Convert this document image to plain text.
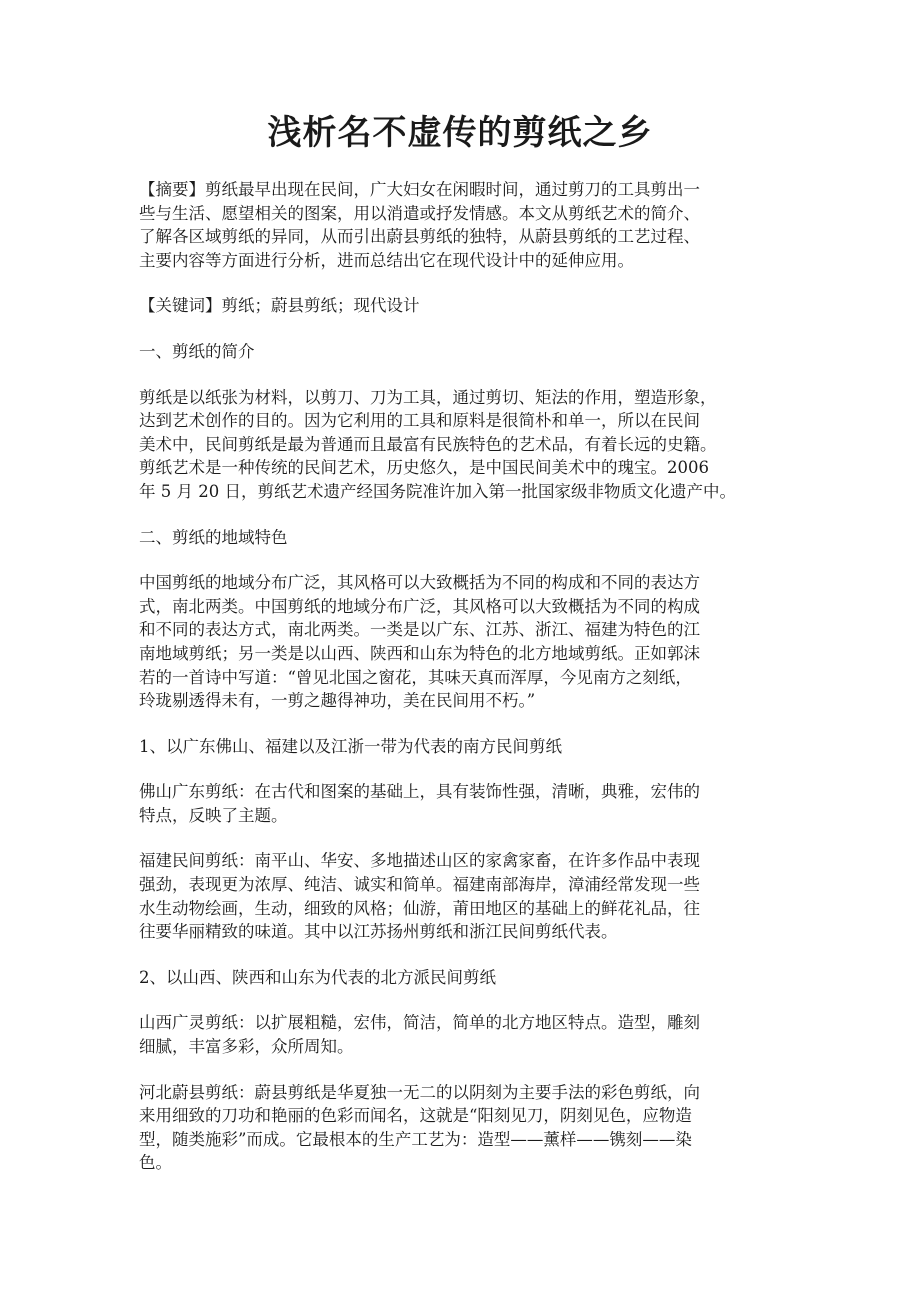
浅析名不虚传的剪纸之乡

【摘要】剪纸最早出现在民间，广大妇女在闲暇时间，通过剪刀的工具剪出一
些与生活、愿望相关的图案，用以消遣或抒发情感。本文从剪纸艺术的简介、
了解各区域剪纸的异同，从而引出蔚县剪纸的独特，从蔚县剪纸的工艺过程、
主要内容等方面进行分析，进而总结出它在现代设计中的延伸应用。

【关键词】剪纸；蔚县剪纸；现代设计

一、剪纸的简介

剪纸是以纸张为材料，以剪刀、刀为工具，通过剪切、矩法的作用，塑造形象，
达到艺术创作的目的。因为它利用的工具和原料是很简朴和单一，所以在民间
美术中，民间剪纸是最为普通而且最富有民族特色的艺术品，有着长远的史籍。
剪纸艺术是一种传统的民间艺术，历史悠久，是中国民间美术中的瑰宝。2006
年 5 月 20 日，剪纸艺术遗产经国务院准许加入第一批国家级非物质文化遗产中。

二、剪纸的地域特色

中国剪纸的地域分布广泛，其风格可以大致概括为不同的构成和不同的表达方
式，南北两类。中国剪纸的地域分布广泛，其风格可以大致概括为不同的构成
和不同的表达方式，南北两类。一类是以广东、江苏、浙江、福建为特色的江
南地域剪纸；另一类是以山西、陕西和山东为特色的北方地域剪纸。正如郭沫
若的一首诗中写道：“曾见北国之窗花，其味天真而浑厚，今见南方之刻纸，
玲珑剔透得未有，一剪之趣得神功，美在民间用不朽。”

1、以广东佛山、福建以及江浙一带为代表的南方民间剪纸

佛山广东剪纸：在古代和图案的基础上，具有装饰性强，清晰，典雅，宏伟的
特点，反映了主题。

福建民间剪纸：南平山、华安、多地描述山区的家禽家畜，在许多作品中表现
强劲，表现更为浓厚、纯洁、诚实和简单。福建南部海岸，漳浦经常发现一些
水生动物绘画，生动，细致的风格；仙游，莆田地区的基础上的鲜花礼品，往
往要华丽精致的味道。其中以江苏扬州剪纸和浙江民间剪纸代表。

2、以山西、陕西和山东为代表的北方派民间剪纸

山西广灵剪纸：以扩展粗糙，宏伟，简洁，简单的北方地区特点。造型，雕刻
细腻，丰富多彩，众所周知。

河北蔚县剪纸：蔚县剪纸是华夏独一无二的以阴刻为主要手法的彩色剪纸，向
来用细致的刀功和艳丽的色彩而闻名，这就是“阳刻见刀，阴刻见色，应物造
型，随类施彩”而成。它最根本的生产工艺为：造型——薰样——镌刻——染
色。
